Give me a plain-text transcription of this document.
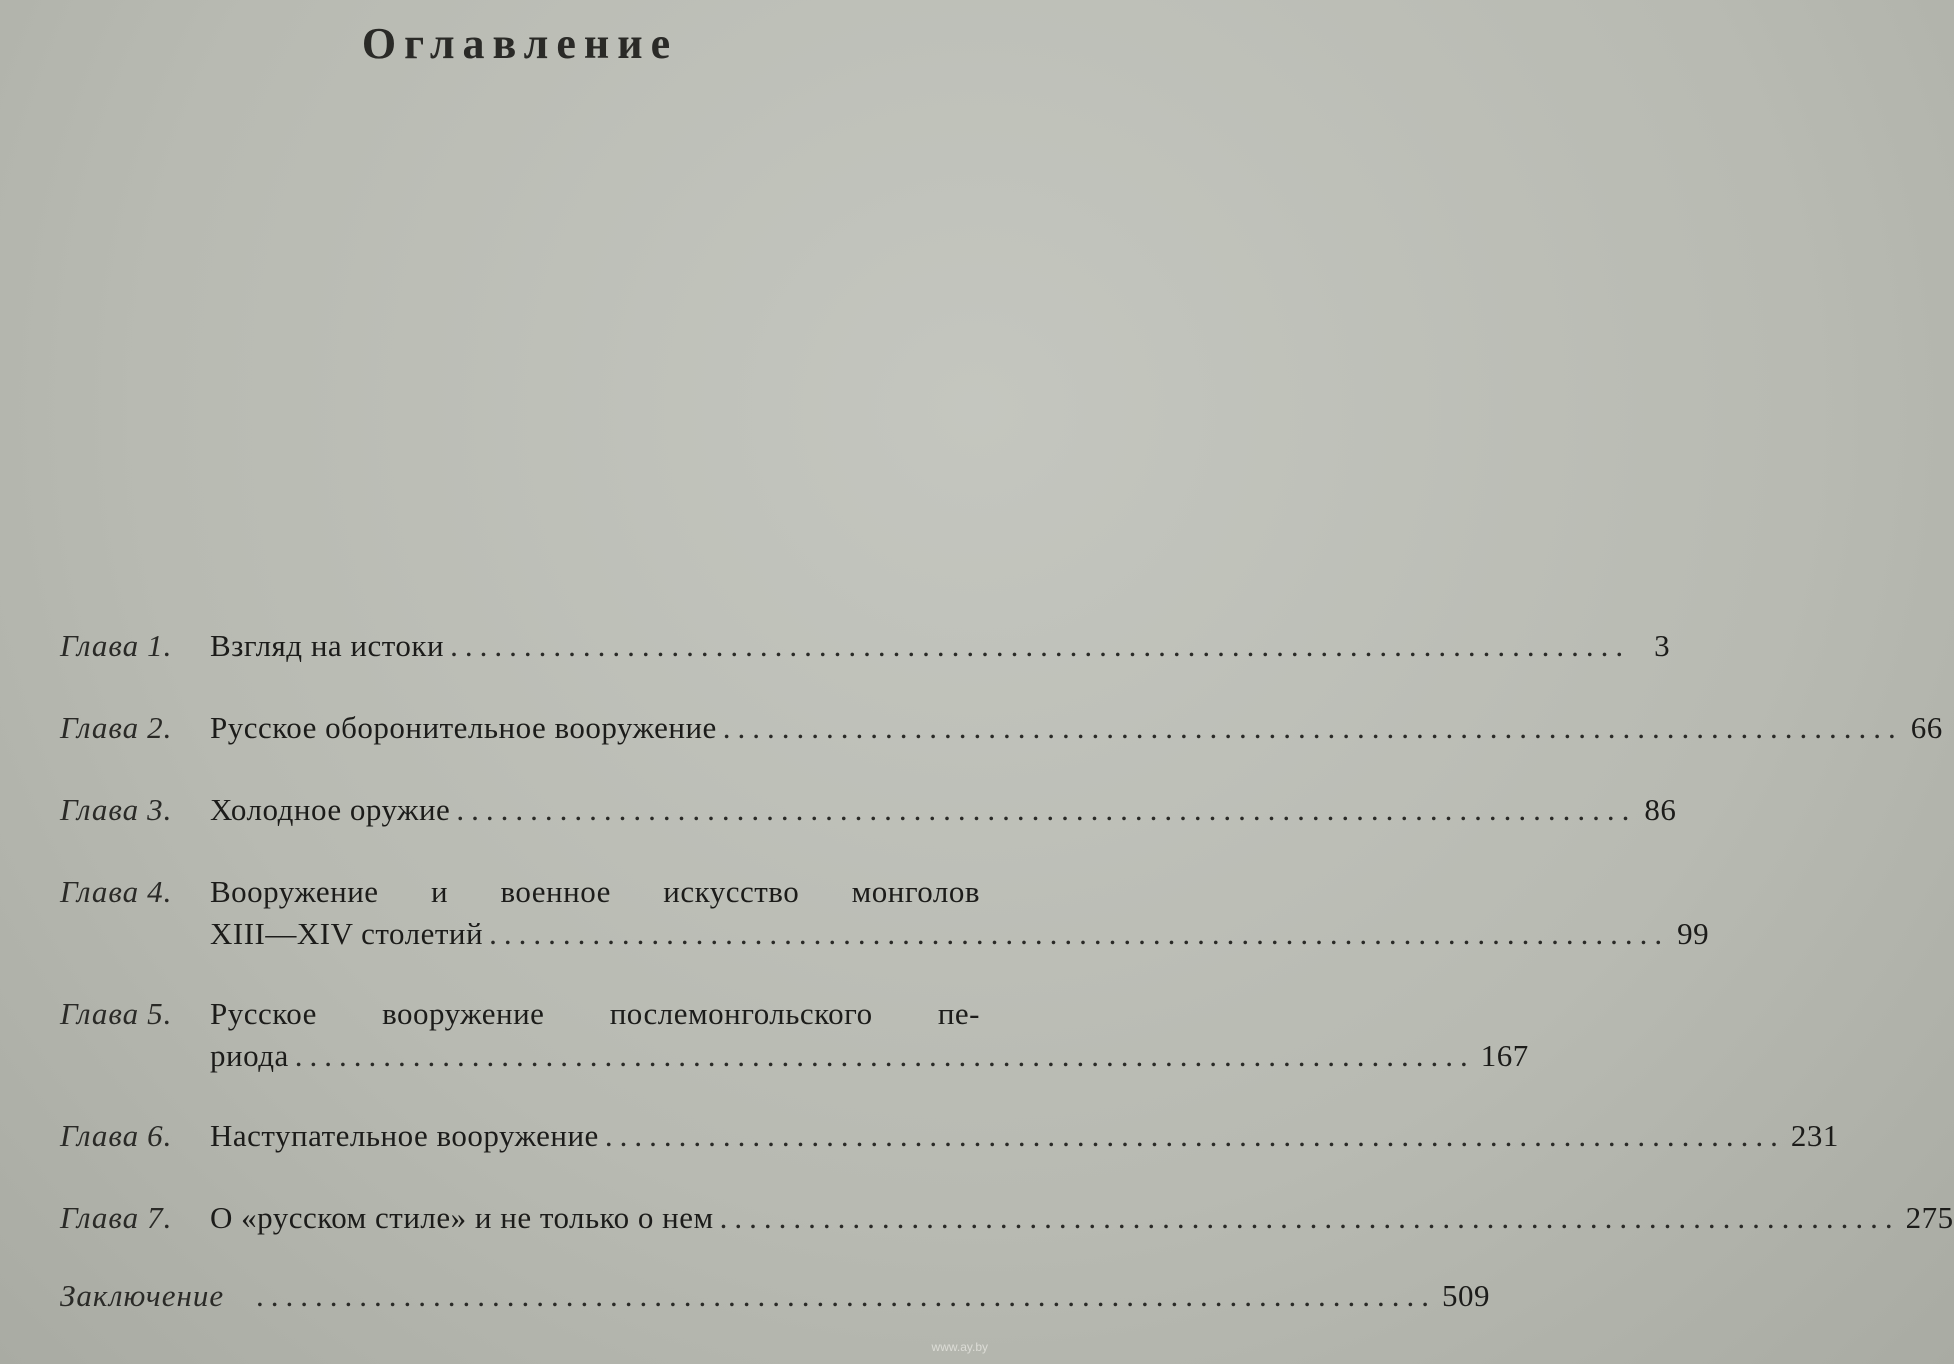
Оглавление
Глава 1. Взгляд на истоки ................................................................................ 3
Глава 2. Русское оборонительное вооружение ................................................................................ 66
Глава 3. Холодное оружие ................................................................................ 86
Глава 4. Вооружение и военное искусство монголов
XIII—XIV столетий ................................................................................ 99
Глава 5. Русское вооружение послемонгольского пе-
риода ................................................................................ 167
Глава 6. Наступательное вооружение ................................................................................ 231
Глава 7. О «русском стиле» и не только о нем ................................................................................ 275
Заключение ................................................................................ 509
www.ay.by
